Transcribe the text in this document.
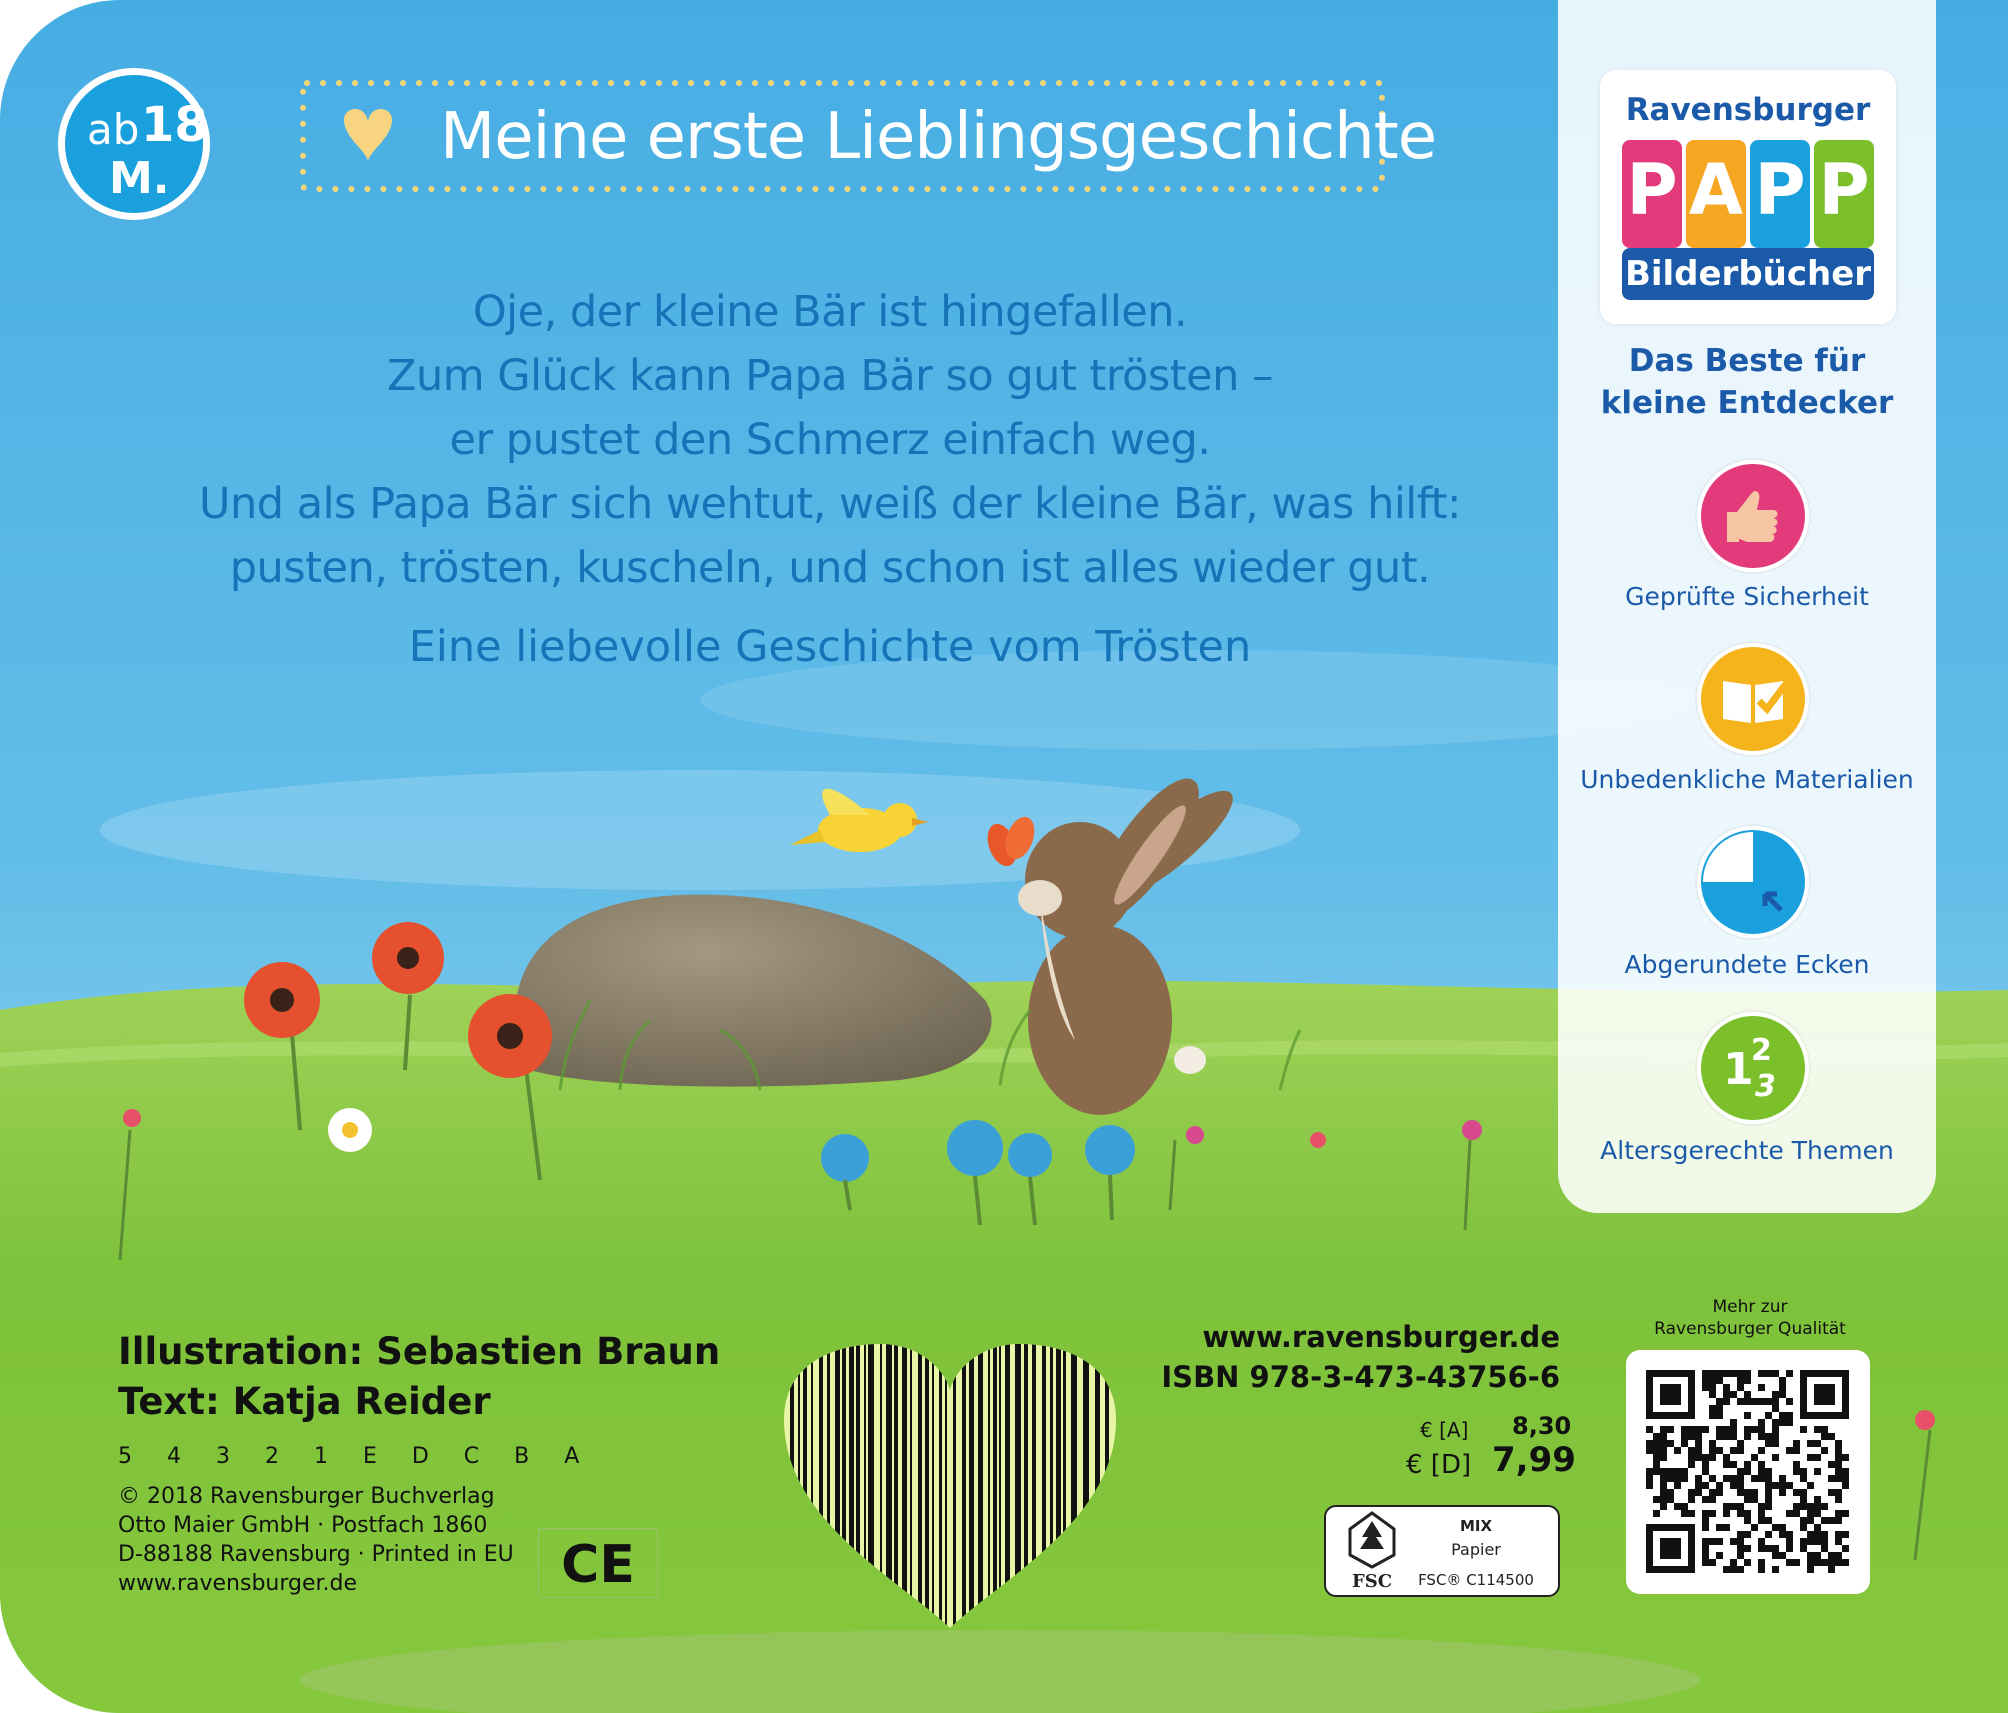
ab 18
M.
Meine erste Lieblingsgeschichte
Oje, der kleine Bär ist hingefallen.
Zum Glück kann Papa Bär so gut trösten –
er pustet den Schmerz einfach weg.
Und als Papa Bär sich wehtut, weiß der kleine Bär, was hilft:
pusten, trösten, kuscheln, und schon ist alles wieder gut.
Eine liebevolle Geschichte vom Trösten
Ravensburger
P A P P
Bilderbücher
Das Beste für
kleine Entdecker
Geprüfte Sicherheit
Unbedenkliche Materialien
Abgerundete Ecken
1
2
3
Altersgerechte Themen
Illustration: Sebastien Braun
Text: Katja Reider
5 4 3 2 1 E D C B A
© 2018 Ravensburger Buchverlag
Otto Maier GmbH · Postfach 1860
D-88188 Ravensburg · Printed in EU
www.ravensburger.de	CE
www.ravensburger.de
ISBN 978-3-473-43756-6
€ [A] 8,30
€ [D] 7,99
FSC
MIX
Papier
FSC® C114500
Mehr zur
Ravensburger Qualität
